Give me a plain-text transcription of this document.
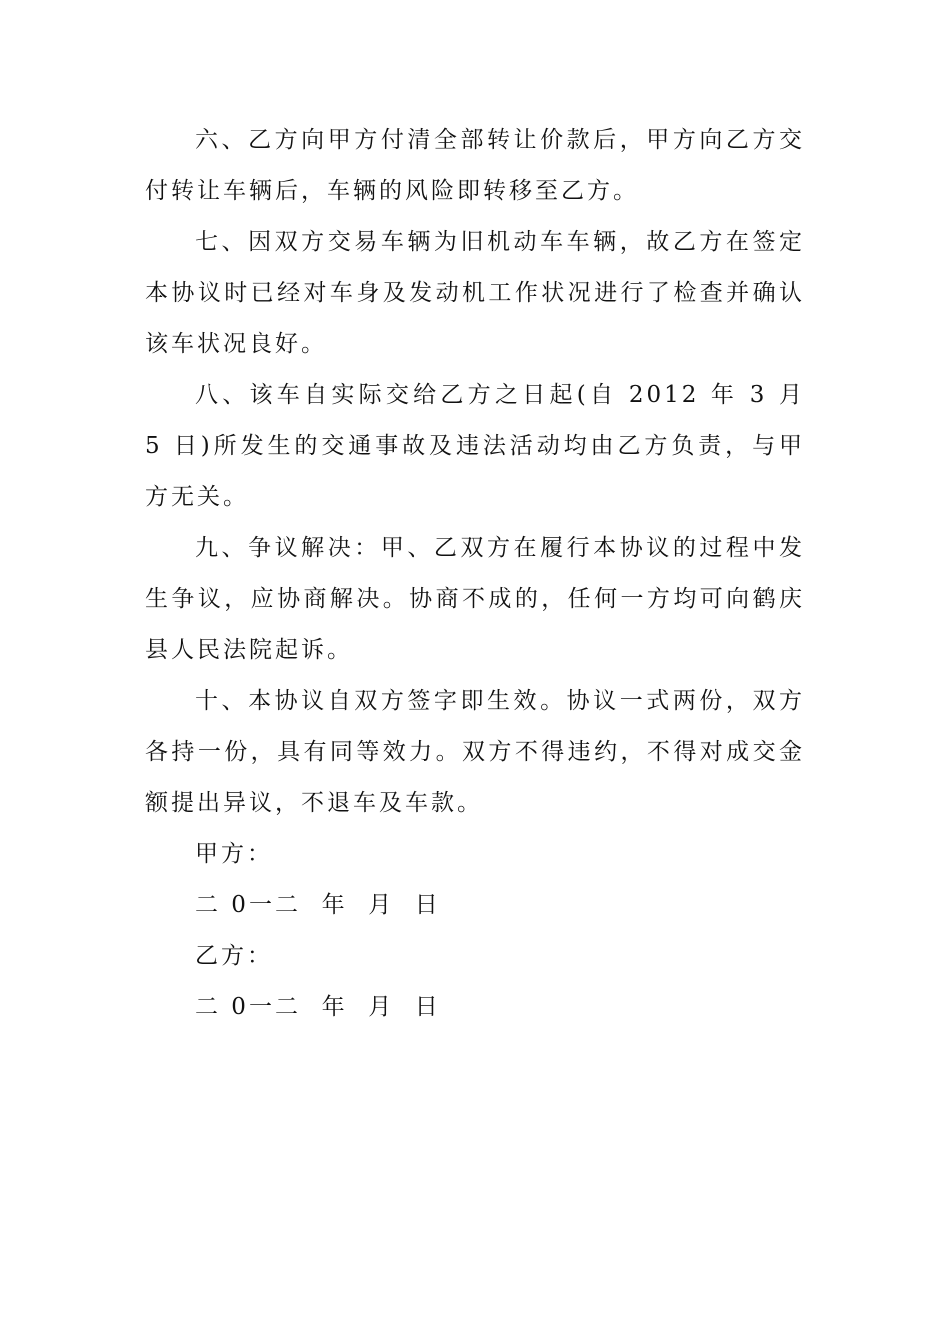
六、乙方向甲方付清全部转让价款后，甲方向乙方交付转让车辆后，车辆的风险即转移至乙方。

七、因双方交易车辆为旧机动车车辆，故乙方在签定本协议时已经对车身及发动机工作状况进行了检查并确认该车状况良好。

八、该车自实际交给乙方之日起(自 2012 年 3 月 5 日)所发生的交通事故及违法活动均由乙方负责，与甲方无关。

九、争议解决：甲、乙双方在履行本协议的过程中发生争议，应协商解决。协商不成的，任何一方均可向鹤庆县人民法院起诉。

十、本协议自双方签字即生效。协议一式两份，双方各持一份，具有同等效力。双方不得违约，不得对成交金额提出异议，不退车及车款。

甲方：

二 0一二  年  月  日

乙方：

二 0一二  年  月  日
